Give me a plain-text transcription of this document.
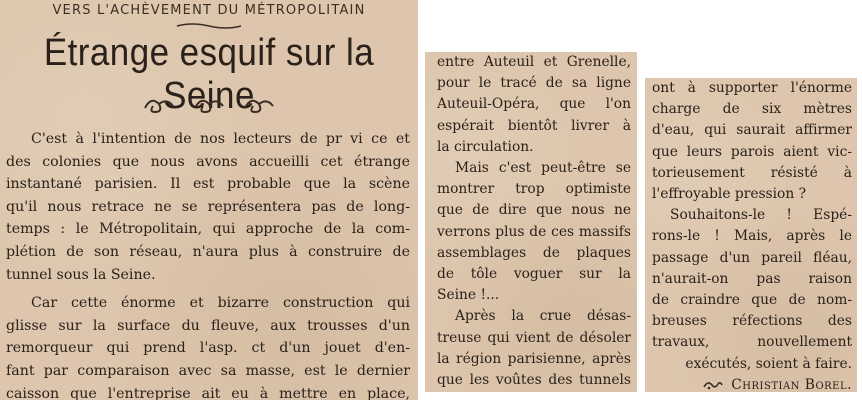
VERS L'ACHÈVEMENT DU MÉTROPOLITAIN
Étrange esquif sur la Seine
C'est à l'intention de nos lecteurs de pr vi ce et
des colonies que nous avons accueilli cet étrange
instantané parisien. Il est probable que la scène
qu'il nous retrace ne se représentera pas de long-
temps : le Métropolitain, qui approche de la com-
plétion de son réseau, n'aura plus à construire de
tunnel sous la Seine.
Car cette énorme et bizarre construction qui
glisse sur la surface du fleuve, aux trousses d'un
remorqueur qui prend l'asp. ct d'un jouet d'en-
fant par comparaison avec sa masse, est le dernier
caisson que l'entreprise ait eu à mettre en place,
entre Auteuil et Grenelle,
pour le tracé de sa ligne
Auteuil-Opéra, que l'on
espérait bientôt livrer à
la circulation.
Mais c'est peut-être se
montrer trop optimiste
que de dire que nous ne
verrons plus de ces massifs
assemblages de plaques
de tôle voguer sur la
Seine !...
Après la crue désas-
treuse qui vient de désoler
la région parisienne, après
que les voûtes des tunnels
ont à supporter l'énorme
charge de six mètres
d'eau, qui saurait affirmer
que leurs parois aient vic-
torieusement résisté à
l'effroyable pression ?
Souhaitons-le ! Espé-
rons-le ! Mais, après le
passage d'un pareil fléau,
n'aurait-on pas raison
de craindre que de nom-
breuses réfections des
travaux, nouvellement
exécutés, soient à faire.
Christian Borel.
